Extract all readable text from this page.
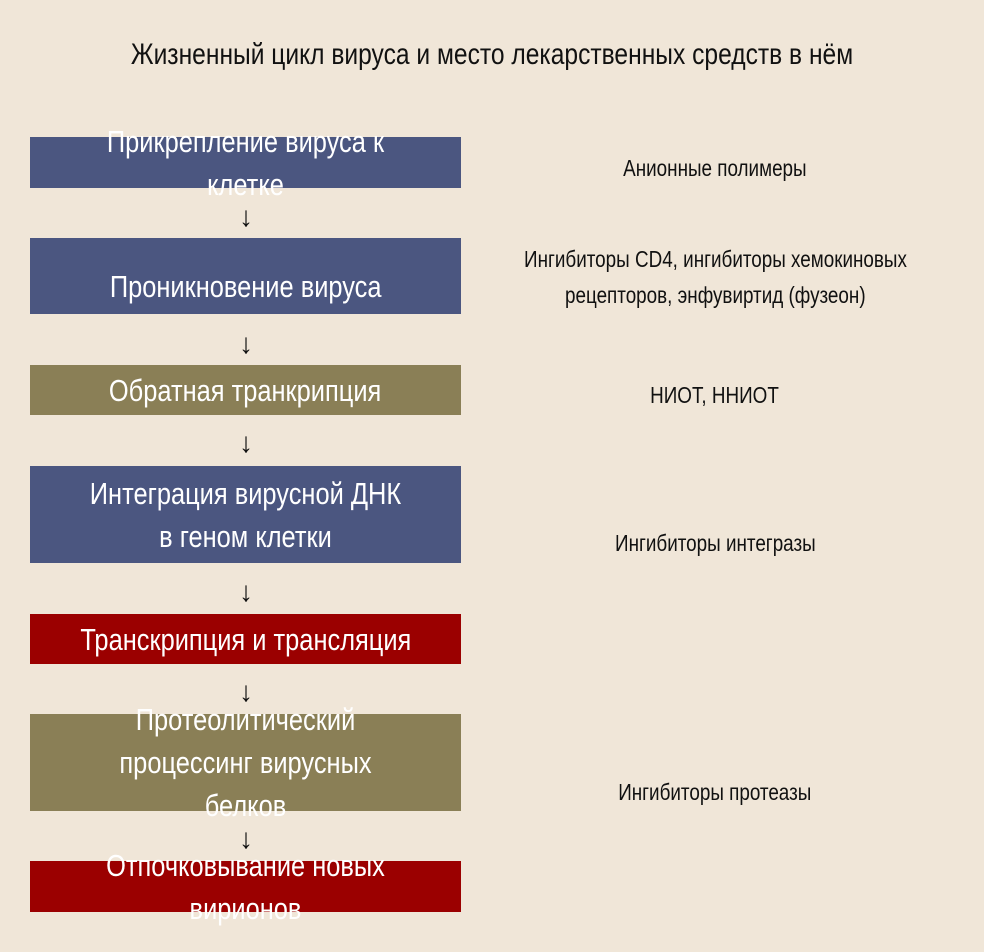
Жизненный цикл вируса и место лекарственных средств в нём
Прикрепление вируса к клетке
↓
Проникновение вируса
↓
Обратная транкрипция
↓
Интеграция вирусной ДНК в геном клетки
↓
Транскрипция и трансляция
↓
Протеолитический процессинг вирусных белков
↓
Отпочковывание новых вирионов
Анионные полимеры
Ингибиторы CD4, ингибиторы хемокиновых
рецепторов, энфувиртид (фузеон)
НИОТ, ННИОТ
Ингибиторы интегразы
Ингибиторы протеазы
